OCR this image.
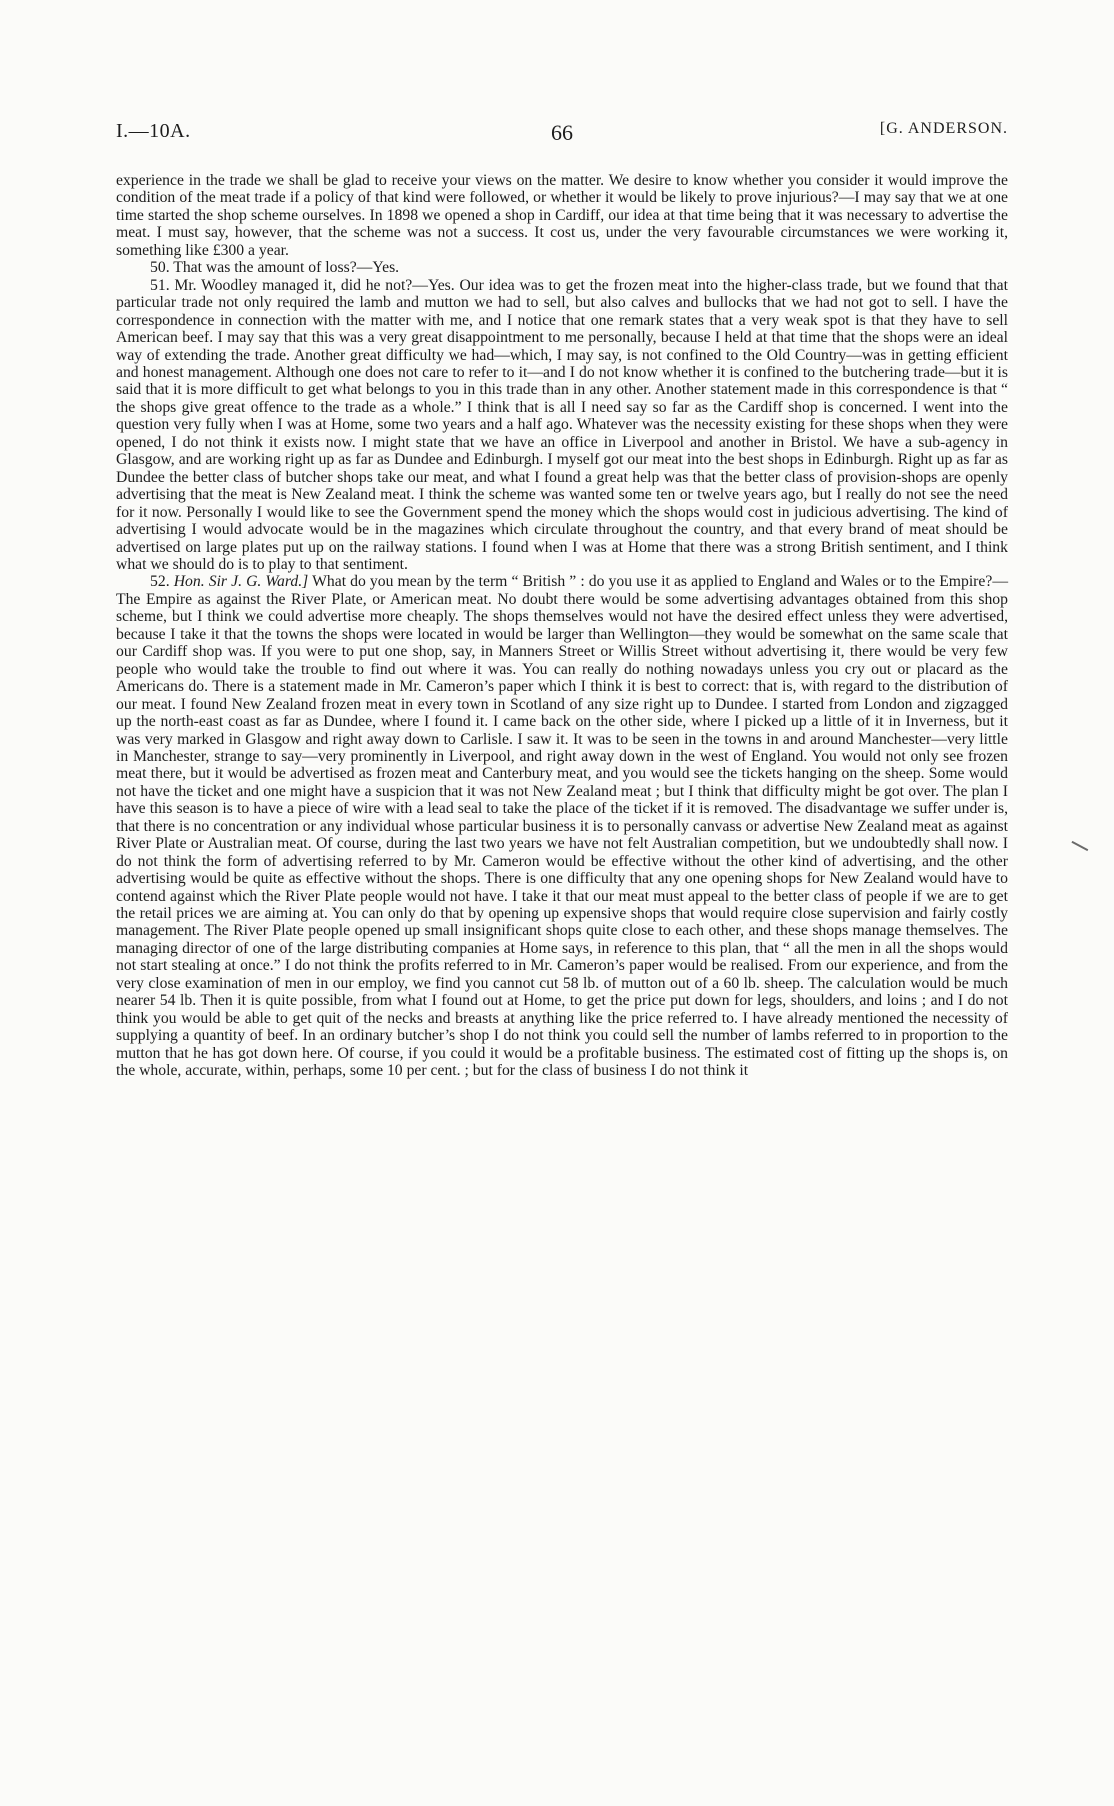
I.—10A.	66	[G. ANDERSON.

experience in the trade we shall be glad to receive your views on the matter. We desire to know whether you consider it would improve the condition of the meat trade if a policy of that kind were followed, or whether it would be likely to prove injurious?—I may say that we at one time started the shop scheme ourselves. In 1898 we opened a shop in Cardiff, our idea at that time being that it was necessary to advertise the meat. I must say, however, that the scheme was not a success. It cost us, under the very favourable circumstances we were working it, something like £300 a year.

50. That was the amount of loss?—Yes.

51. Mr. Woodley managed it, did he not?—Yes. Our idea was to get the frozen meat into the higher-class trade, but we found that that particular trade not only required the lamb and mutton we had to sell, but also calves and bullocks that we had not got to sell. I have the correspondence in connection with the matter with me, and I notice that one remark states that a very weak spot is that they have to sell American beef. I may say that this was a very great disappointment to me personally, because I held at that time that the shops were an ideal way of extending the trade. Another great difficulty we had—which, I may say, is not confined to the Old Country—was in getting efficient and honest management. Although one does not care to refer to it—and I do not know whether it is confined to the butchering trade—but it is said that it is more difficult to get what belongs to you in this trade than in any other. Another statement made in this correspondence is that “ the shops give great offence to the trade as a whole.” I think that is all I need say so far as the Cardiff shop is concerned. I went into the question very fully when I was at Home, some two years and a half ago. Whatever was the necessity existing for these shops when they were opened, I do not think it exists now. I might state that we have an office in Liverpool and another in Bristol. We have a sub-agency in Glasgow, and are working right up as far as Dundee and Edinburgh. I myself got our meat into the best shops in Edinburgh. Right up as far as Dundee the better class of butcher shops take our meat, and what I found a great help was that the better class of provision-shops are openly advertising that the meat is New Zealand meat. I think the scheme was wanted some ten or twelve years ago, but I really do not see the need for it now. Personally I would like to see the Government spend the money which the shops would cost in judicious advertising. The kind of advertising I would advocate would be in the magazines which circulate throughout the country, and that every brand of meat should be advertised on large plates put up on the railway stations. I found when I was at Home that there was a strong British sentiment, and I think what we should do is to play to that sentiment.

52. Hon. Sir J. G. Ward.] What do you mean by the term “ British ” : do you use it as applied to England and Wales or to the Empire?—The Empire as against the River Plate, or American meat. No doubt there would be some advertising advantages obtained from this shop scheme, but I think we could advertise more cheaply. The shops themselves would not have the desired effect unless they were advertised, because I take it that the towns the shops were located in would be larger than Wellington—they would be somewhat on the same scale that our Cardiff shop was. If you were to put one shop, say, in Manners Street or Willis Street without advertising it, there would be very few people who would take the trouble to find out where it was. You can really do nothing nowadays unless you cry out or placard as the Americans do. There is a statement made in Mr. Cameron’s paper which I think it is best to correct: that is, with regard to the distribution of our meat. I found New Zealand frozen meat in every town in Scotland of any size right up to Dundee. I started from London and zigzagged up the north-east coast as far as Dundee, where I found it. I came back on the other side, where I picked up a little of it in Inverness, but it was very marked in Glasgow and right away down to Carlisle. I saw it. It was to be seen in the towns in and around Manchester—very little in Manchester, strange to say—very prominently in Liverpool, and right away down in the west of England. You would not only see frozen meat there, but it would be advertised as frozen meat and Canterbury meat, and you would see the tickets hanging on the sheep. Some would not have the ticket and one might have a suspicion that it was not New Zealand meat ; but I think that difficulty might be got over. The plan I have this season is to have a piece of wire with a lead seal to take the place of the ticket if it is removed. The disadvantage we suffer under is, that there is no concentration or any individual whose particular business it is to personally canvass or advertise New Zealand meat as against River Plate or Australian meat. Of course, during the last two years we have not felt Australian competition, but we undoubtedly shall now. I do not think the form of advertising referred to by Mr. Cameron would be effective without the other kind of advertising, and the other advertising would be quite as effective without the shops. There is one difficulty that any one opening shops for New Zealand would have to contend against which the River Plate people would not have. I take it that our meat must appeal to the better class of people if we are to get the retail prices we are aiming at. You can only do that by opening up expensive shops that would require close supervision and fairly costly management. The River Plate people opened up small insignificant shops quite close to each other, and these shops manage themselves. The managing director of one of the large distributing companies at Home says, in reference to this plan, that “ all the men in all the shops would not start stealing at once.” I do not think the profits referred to in Mr. Cameron’s paper would be realised. From our experience, and from the very close examination of men in our employ, we find you cannot cut 58 lb. of mutton out of a 60 lb. sheep. The calculation would be much nearer 54 lb. Then it is quite possible, from what I found out at Home, to get the price put down for legs, shoulders, and loins ; and I do not think you would be able to get quit of the necks and breasts at anything like the price referred to. I have already mentioned the necessity of supplying a quantity of beef. In an ordinary butcher’s shop I do not think you could sell the number of lambs referred to in proportion to the mutton that he has got down here. Of course, if you could it would be a profitable business. The estimated cost of fitting up the shops is, on the whole, accurate, within, perhaps, some 10 per cent. ; but for the class of business I do not think it
